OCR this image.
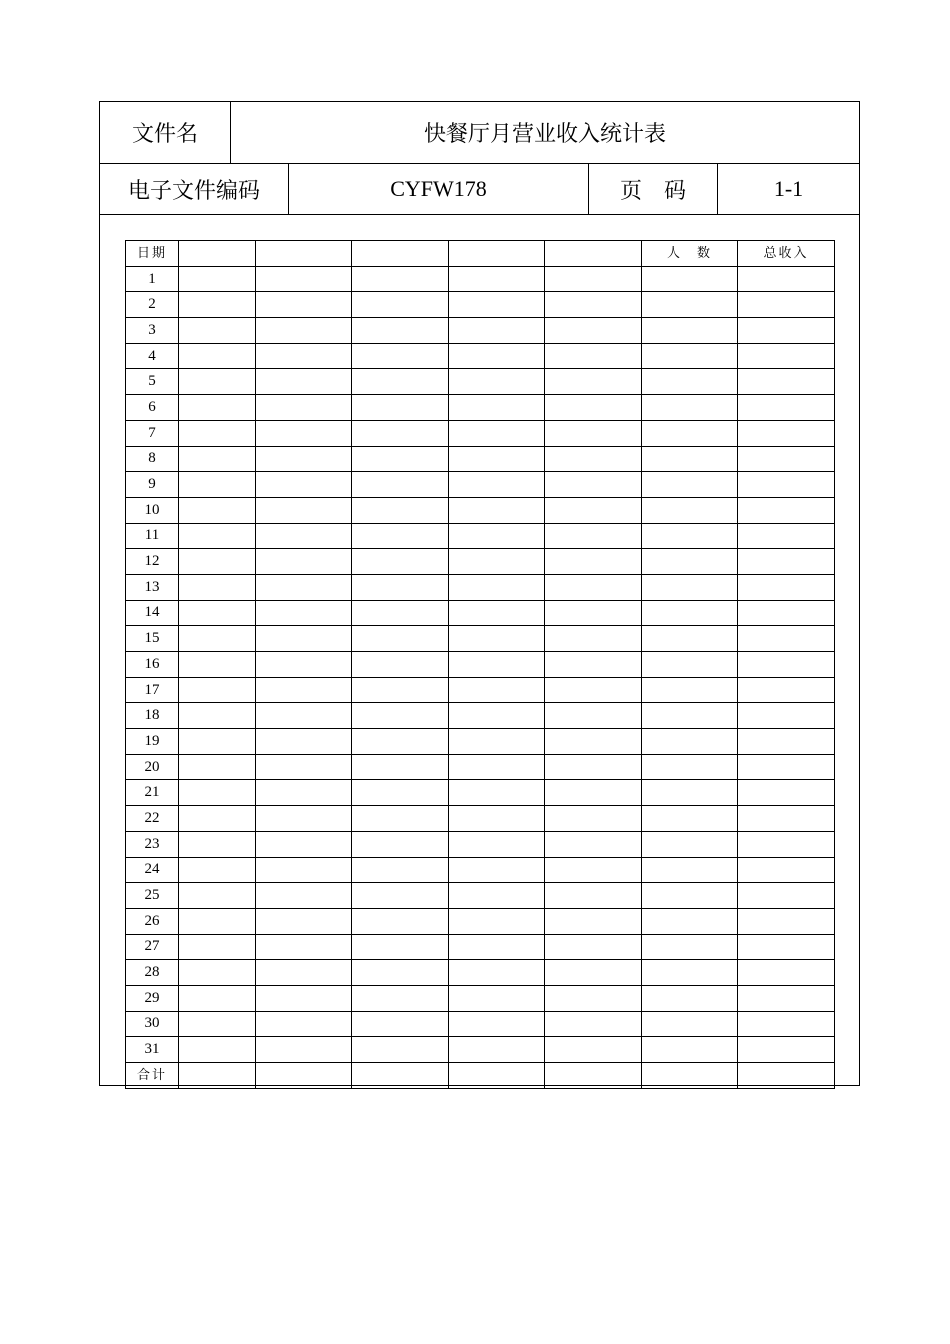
文件名	快餐厅月营业收入统计表
电子文件编码	CYFW178	页　码	1-1
日期						人　数	总收入
1							
2							
3							
4							
5							
6							
7							
8							
9							
10							
11							
12							
13							
14							
15							
16							
17							
18							
19							
20							
21							
22							
23							
24							
25							
26							
27							
28							
29							
30							
31							
合计							
